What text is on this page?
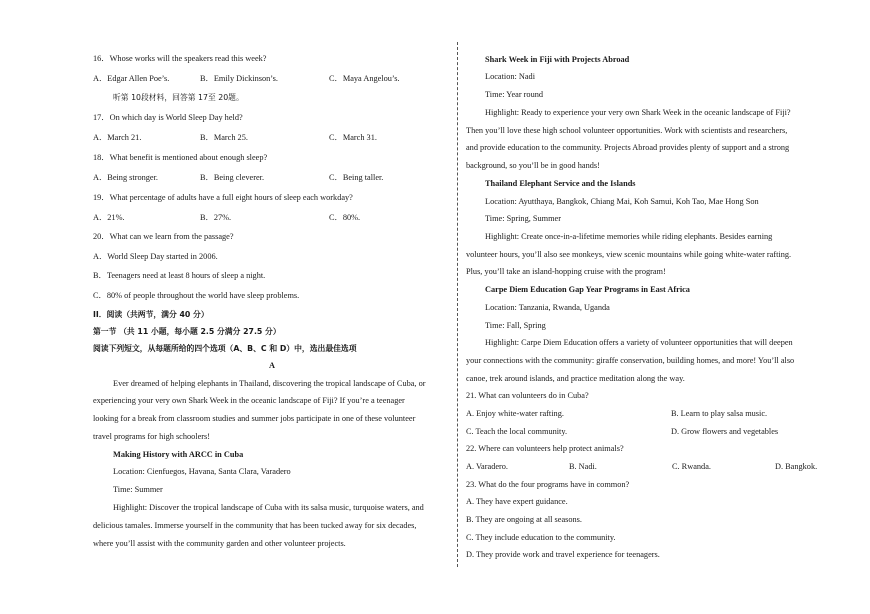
16．Whose works will the speakers read this week?
A．Edgar Allen Poe’s.	B．Emily Dickinson’s.	C．Maya Angelou’s.
听第 10段材料，回答第 17至 20题。
17．On which day is World Sleep Day held?
A．March 21.	B．March 25.	C．March 31.
18．What benefit is mentioned about enough sleep?
A．Being stronger.	B．Being cleverer.	C．Being taller.
19．What percentage of adults have a full eight hours of sleep each workday?
A．21%.	B．27%.	C．80%.
20．What can we learn from the passage?
A．World Sleep Day started in 2006.
B．Teenagers need at least 8 hours of sleep a night.
C．80% of people throughout the world have sleep problems.
II．阅读（共两节，满分 40 分）
第一节 （共 11 小题，每小题 2.5 分满分 27.5 分）
阅读下列短文，从每题所给的四个选项（A、B、C 和 D）中，选出最佳选项
A
Ever dreamed of helping elephants in Thailand, discovering the tropical landscape of Cuba, or
experiencing your very own Shark Week in the oceanic landscape of Fiji? If you’re a teenager
looking for a break from classroom studies and summer jobs participate in one of these volunteer
travel programs for high schoolers!
Making History with ARCC in Cuba
Location: Cienfuegos, Havana, Santa Clara, Varadero
Time: Summer
Highlight: Discover the tropical landscape of Cuba with its salsa music, turquoise waters, and
delicious tamales. Immerse yourself in the community that has been tucked away for six decades,
where you’ll assist with the community garden and other volunteer projects.
Shark Week in Fiji with Projects Abroad
Location: Nadi
Time: Year round
Highlight: Ready to experience your very own Shark Week in the oceanic landscape of Fiji?
Then you’ll love these high school volunteer opportunities. Work with scientists and researchers,
and provide education to the community. Projects Abroad provides plenty of support and a strong
background, so you’ll be in good hands!
Thailand Elephant Service and the Islands
Location: Ayutthaya, Bangkok, Chiang Mai, Koh Samui, Koh Tao, Mae Hong Son
Time: Spring, Summer
Highlight: Create once-in-a-lifetime memories while riding elephants. Besides earning
volunteer hours, you’ll also see monkeys, view scenic mountains while going white-water rafting.
Plus, you’ll take an island-hopping cruise with the program!
Carpe Diem Education Gap Year Programs in East Africa
Location: Tanzania, Rwanda, Uganda
Time: Fall, Spring
Highlight: Carpe Diem Education offers a variety of volunteer opportunities that will deepen
your connections with the community: giraffe conservation, building homes, and more! You’ll also
canoe, trek around islands, and practice meditation along the way.
21. What can volunteers do in Cuba?
A. Enjoy white-water rafting.	B. Learn to play salsa music.
C. Teach the local community.	D. Grow flowers and vegetables
22. Where can volunteers help protect animals?
A. Varadero.	B. Nadi.	C. Rwanda.	D. Bangkok.
23. What do the four programs have in common?
A. They have expert guidance.
B. They are ongoing at all seasons.
C. They include education to the community.
D. They provide work and travel experience for teenagers.
